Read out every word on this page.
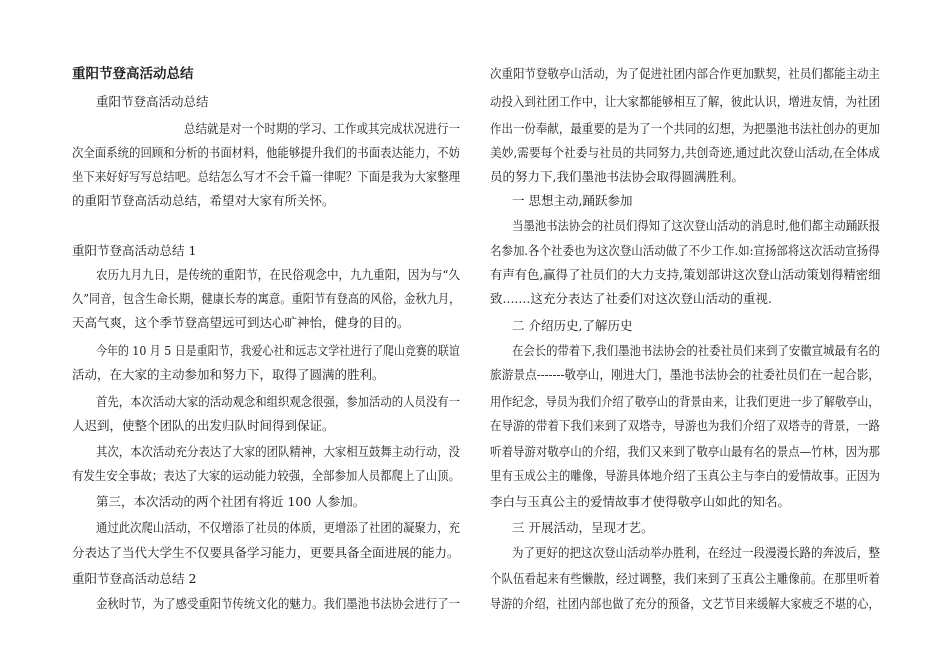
重阳节登高活动总结
重阳节登高活动总结
总结就是对一个时期的学习、工作或其完成状况进行一
次全面系统的回顾和分析的书面材料，他能够提升我们的书面表达能力，不妨
坐下来好好写写总结吧。总结怎么写才不会千篇一律呢？下面是我为大家整理
的重阳节登高活动总结，希望对大家有所关怀。
重阳节登高活动总结 1
农历九月九日，是传统的重阳节，在民俗观念中，九九重阳，因为与“久
久”同音，包含生命长期，健康长寿的寓意。重阳节有登高的风俗，金秋九月，
天高气爽，这个季节登高望远可到达心旷神怡，健身的目的。
今年的 10 月 5 日是重阳节，我爱心社和远志文学社进行了爬山竞赛的联谊
活动，在大家的主动参加和努力下，取得了圆满的胜利。
首先，本次活动大家的活动观念和组织观念很强，参加活动的人员没有一
人迟到，使整个团队的出发归队时间得到保证。
其次，本次活动充分表达了大家的团队精神，大家相互鼓舞主动行动，没
有发生安全事故；表达了大家的运动能力较强，全部参加人员都爬上了山顶。
第三，本次活动的两个社团有将近 100 人参加。
通过此次爬山活动，不仅增添了社员的体质，更增添了社团的凝聚力，充
分表达了当代大学生不仅要具备学习能力，更要具备全面进展的能力。
重阳节登高活动总结 2
金秋时节，为了感受重阳节传统文化的魅力。我们墨池书法协会进行了一
次重阳节登敬亭山活动，为了促进社团内部合作更加默契，社员们都能主动主
动投入到社团工作中，让大家都能够相互了解，彼此认识，增进友情，为社团
作出一份奉献，最重要的是为了一个共同的幻想，为把墨池书法社创办的更加
美妙,需要每个社委与社员的共同努力,共创奇迹,通过此次登山活动,在全体成
员的努力下,我们墨池书法协会取得圆满胜利。
一 思想主动,踊跃参加
当墨池书法协会的社员们得知了这次登山活动的消息时,他们都主动踊跃报
名参加.各个社委也为这次登山活动做了不少工作.如:宣扬部将这次活动宣扬得
有声有色,赢得了社员们的大力支持,策划部讲这次登山活动策划得精密细
致.......这充分表达了社委们对这次登山活动的重视.
二 介绍历史,了解历史
在会长的带着下,我们墨池书法协会的社委社员们来到了安徽宣城最有名的
旅游景点-------敬亭山，刚进大门，墨池书法协会的社委社员们在一起合影，
用作纪念，导员为我们介绍了敬亭山的背景由来，让我们更进一步了解敬亭山，
在导游的带着下我们来到了双塔寺，导游也为我们介绍了双塔寺的背景，一路
听着导游对敬亭山的介绍，我们又来到了敬亭山最有名的景点—竹林，因为那
里有玉成公主的雕像，导游具体地介绍了玉真公主与李白的爱情故事。正因为
李白与玉真公主的爱情故事才使得敬亭山如此的知名。
三 开展活动，呈现才艺。
为了更好的把这次登山活动举办胜利，在经过一段漫漫长路的奔波后，整
个队伍看起来有些懒散，经过调整，我们来到了玉真公主雕像前。在那里听着
导游的介绍，社团内部也做了充分的预备，文艺节目来缓解大家疲乏不堪的心，
